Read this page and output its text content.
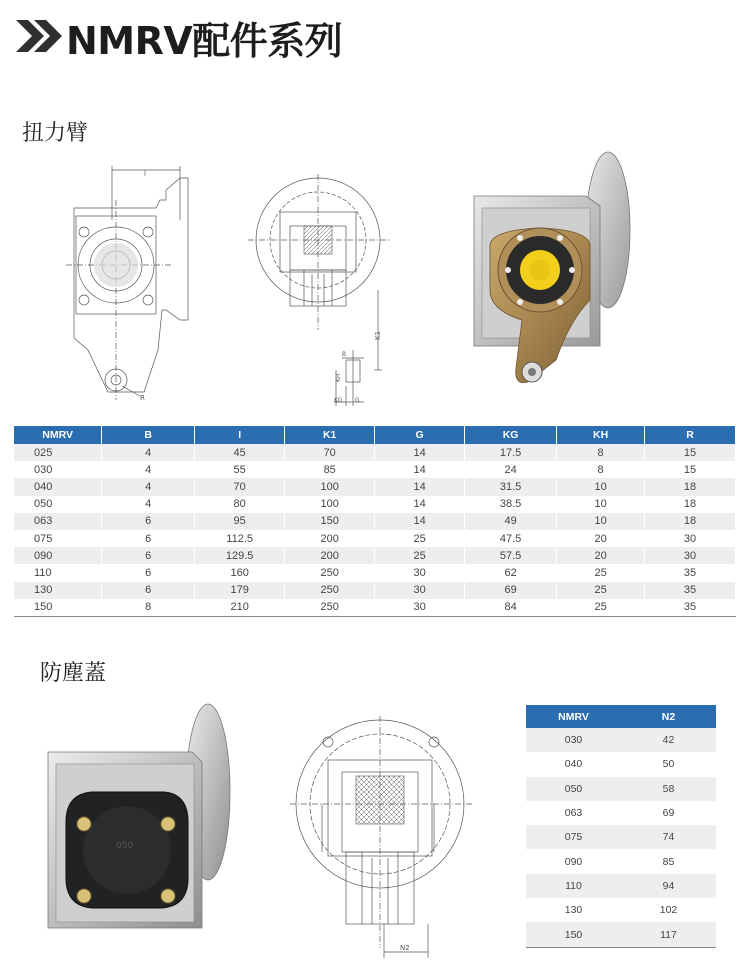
NMRV配件系列
扭力臂
l
R
K1
B
KH
KG G
NMRV	B	I	K1	G	KG	KH	R
025	4	45	70	14	17.5	8	15
030	4	55	85	14	24	8	15
040	4	70	100	14	31.5	10	18
050	4	80	100	14	38.5	10	18
063	6	95	150	14	49	10	18
075	6	112.5	200	25	47.5	20	30
090	6	129.5	200	25	57.5	20	30
110	6	160	250	30	62	25	35
130	6	179	250	30	69	25	35
150	8	210	250	30	84	25	35
防塵蓋
050
N2
NMRV	N2
030	42
040	50
050	58
063	69
075	74
090	85
110	94
130	102
150	117
